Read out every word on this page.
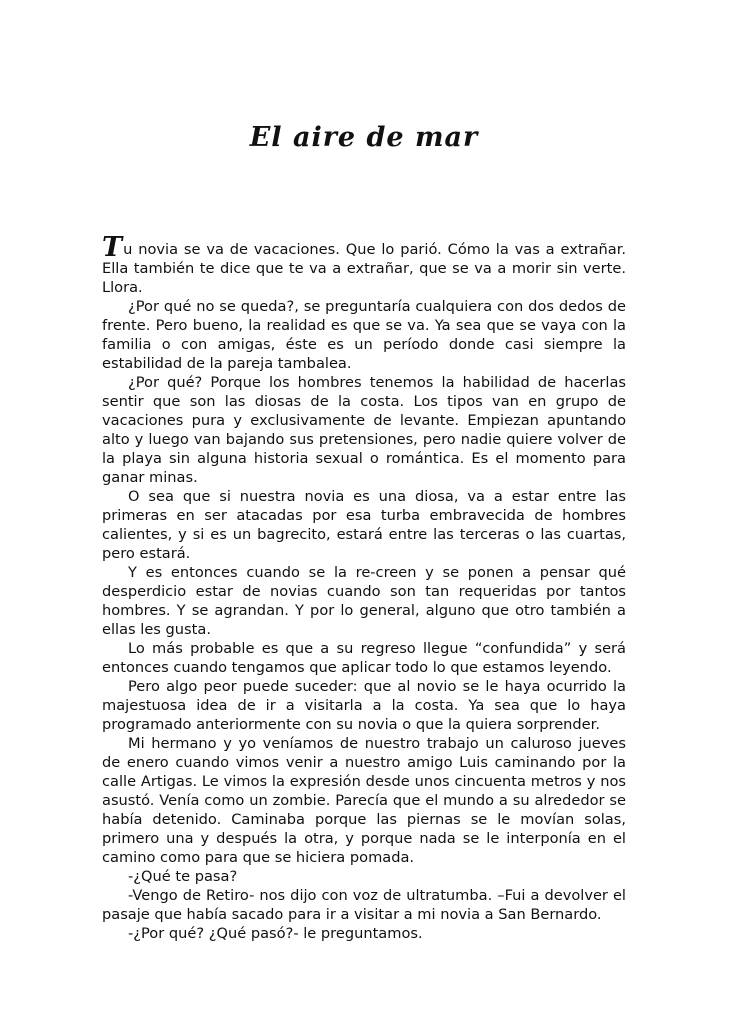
El aire de mar

Tu novia se va de vacaciones. Que lo parió. Cómo la vas a extrañar. Ella también te dice que te va a extrañar, que se va a morir sin verte. Llora.

¿Por qué no se queda?, se preguntaría cualquiera con dos dedos de frente. Pero bueno, la realidad es que se va. Ya sea que se vaya con la familia o con amigas, éste es un período donde casi siempre la estabilidad de la pareja tambalea.

¿Por qué? Porque los hombres tenemos la habilidad de hacerlas sentir que son las diosas de la costa. Los tipos van en grupo de vacaciones pura y exclusivamente de levante. Empiezan apuntando alto y luego van bajando sus pretensiones, pero nadie quiere volver de la playa sin alguna historia sexual o romántica. Es el momento para ganar minas.

O sea que si nuestra novia es una diosa, va a estar entre las primeras en ser atacadas por esa turba embravecida de hombres calientes, y si es un bagrecito, estará entre las terceras o las cuartas, pero estará.

Y es entonces cuando se la re-creen y se ponen a pensar qué desperdicio estar de novias cuando son tan requeridas por tantos hombres. Y se agrandan. Y por lo general, alguno que otro también a ellas les gusta.

Lo más probable es que a su regreso llegue “confundida” y será entonces cuando tengamos que aplicar todo lo que estamos leyendo.

Pero algo peor puede suceder: que al novio se le haya ocurrido la majestuosa idea de ir a visitarla a la costa. Ya sea que lo haya programado anteriormente con su novia o que la quiera sorprender.

Mi hermano y yo veníamos de nuestro trabajo un caluroso jueves de enero cuando vimos venir a nuestro amigo Luis caminando por la calle Artigas. Le vimos la expresión desde unos cincuenta metros y nos asustó. Venía como un zombie. Parecía que el mundo a su alrededor se había detenido. Caminaba porque las piernas se le movían solas, primero una y después la otra, y porque nada se le interponía en el camino como para que se hiciera pomada.

-¿Qué te pasa?

-Vengo de Retiro- nos dijo con voz de ultratumba. –Fui a devolver el pasaje que había sacado para ir a visitar a mi novia a San Bernardo.

-¿Por qué? ¿Qué pasó?- le preguntamos.
